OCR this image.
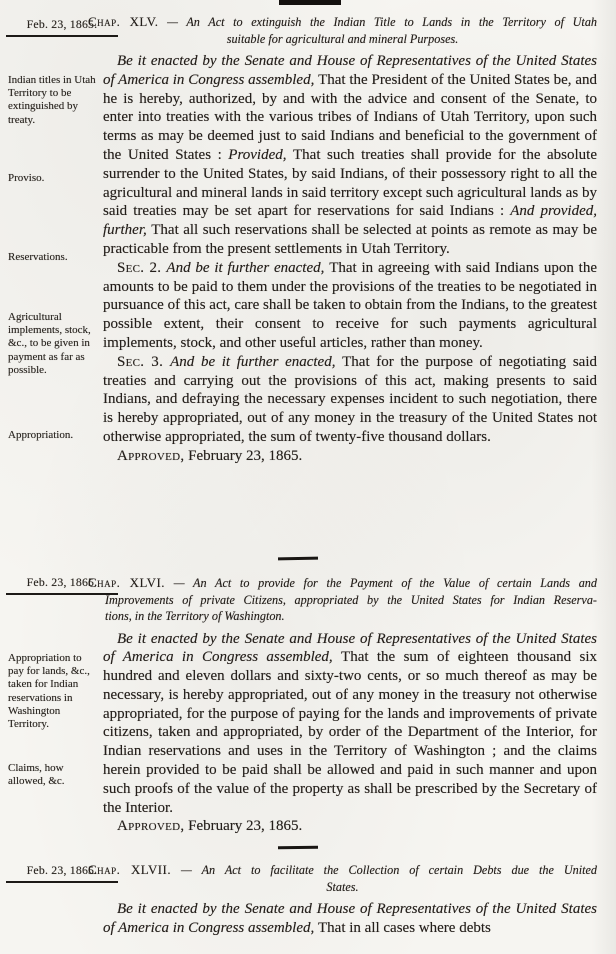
Feb. 23, 1865.
Indian titles in Utah Territory to be extinguished by treaty.
Proviso.
Reservations.
Agricultural implements, stock, &c., to be given in payment as far as possible.
Appropriation.
Feb. 23, 1865.
Appropriation to pay for lands, &c., taken for Indian reservations in Washington Territory.
Claims, how allowed, &c.
Feb. 23, 1865.
Chap. XLV. — An Act to extinguish the Indian Title to Lands in the Territory of Utah
suitable for agricultural and mineral Purposes.

Be it enacted by the Senate and House of Representatives of the United States of America in Congress assembled, That the President of the United States be, and he is hereby, authorized, by and with the advice and consent of the Senate, to enter into treaties with the various tribes of Indians of Utah Territory, upon such terms as may be deemed just to said Indians and beneficial to the government of the United States : Provided, That such treaties shall provide for the absolute surrender to the United States, by said Indians, of their possessory right to all the agricultural and mineral lands in said territory except such agricultural lands as by said treaties may be set apart for reservations for said Indians : And provided, further, That all such reservations shall be selected at points as remote as may be practicable from the present settlements in Utah Territory.

Sec. 2. And be it further enacted, That in agreeing with said Indians upon the amounts to be paid to them under the provisions of the treaties to be negotiated in pursuance of this act, care shall be taken to obtain from the Indians, to the greatest possible extent, their consent to receive for such payments agricultural implements, stock, and other useful articles, rather than money.

Sec. 3. And be it further enacted, That for the purpose of negotiating said treaties and carrying out the provisions of this act, making presents to said Indians, and defraying the necessary expenses incident to such negotiation, there is hereby appropriated, out of any money in the treasury of the United States not otherwise appropriated, the sum of twenty-five thousand dollars.

Approved, February 23, 1865.

Chap. XLVI. — An Act to provide for the Payment of the Value of certain Lands and
Improvements of private Citizens, appropriated by the United States for Indian Reserva-
tions, in the Territory of Washington.

Be it enacted by the Senate and House of Representatives of the United States of America in Congress assembled, That the sum of eighteen thousand six hundred and eleven dollars and sixty-two cents, or so much thereof as may be necessary, is hereby appropriated, out of any money in the treasury not otherwise appropriated, for the purpose of paying for the lands and improvements of private citizens, taken and appropriated, by order of the Department of the Interior, for Indian reservations and uses in the Territory of Washington ; and the claims herein provided to be paid shall be allowed and paid in such manner and upon such proofs of the value of the property as shall be prescribed by the Secretary of the Interior.

Approved, February 23, 1865.

Chap. XLVII. — An Act to facilitate the Collection of certain Debts due the United
States.

Be it enacted by the Senate and House of Representatives of the United States of America in Congress assembled, That in all cases where debts
